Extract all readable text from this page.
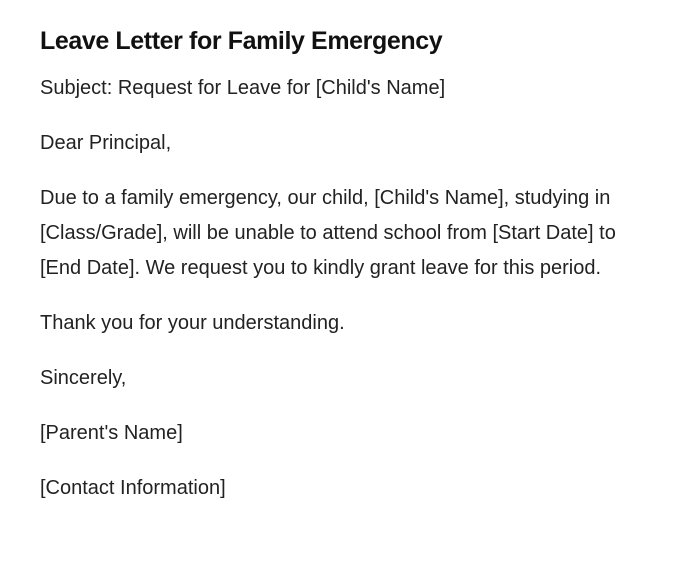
Leave Letter for Family Emergency

Subject: Request for Leave for [Child's Name]

Dear Principal,

Due to a family emergency, our child, [Child's Name], studying in [Class/Grade], will be unable to attend school from [Start Date] to [End Date]. We request you to kindly grant leave for this period.

Thank you for your understanding.

Sincerely,

[Parent's Name]

[Contact Information]
